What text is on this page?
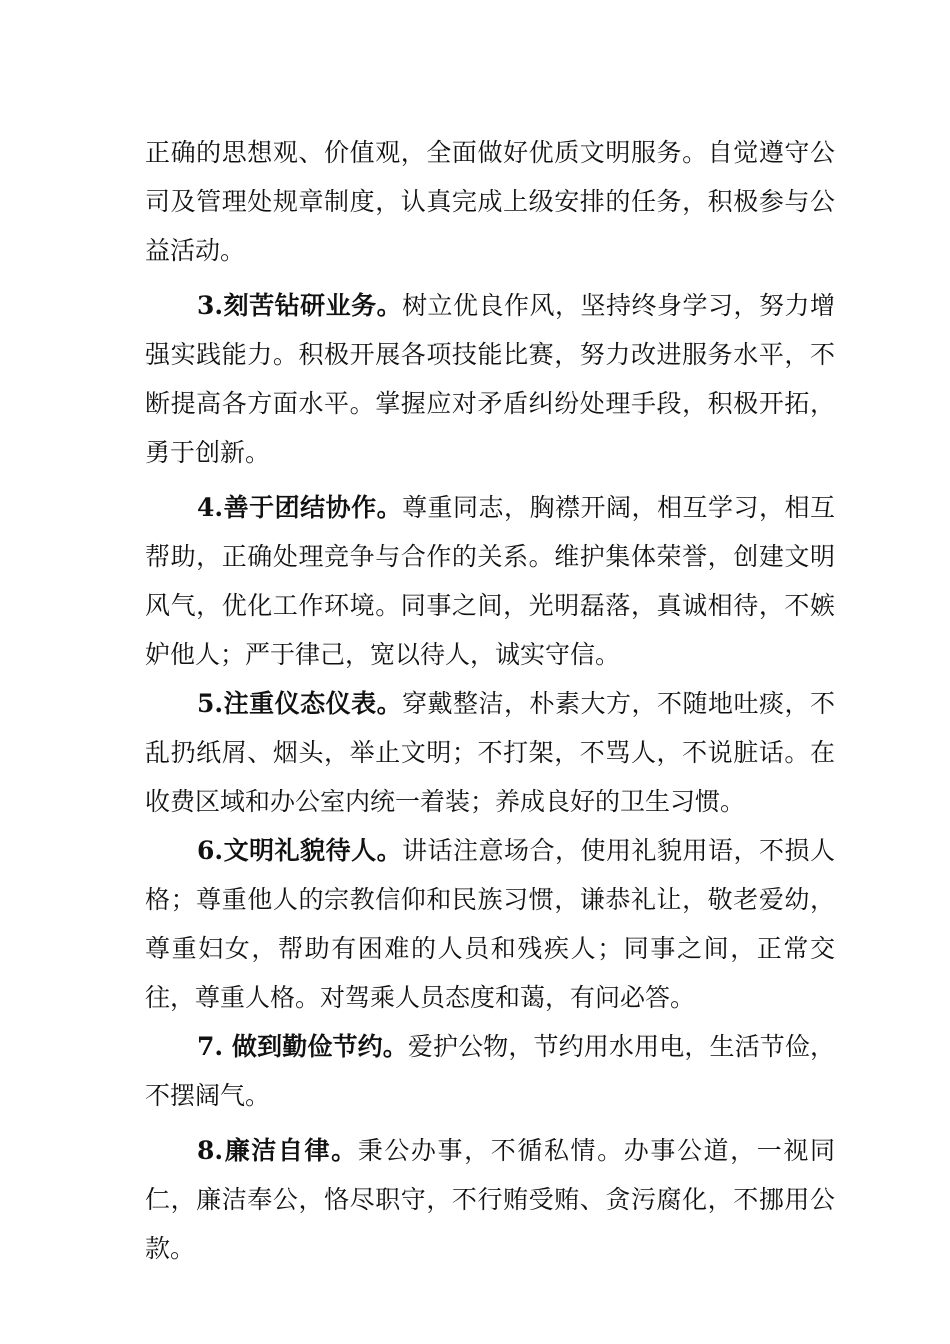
正确的思想观、价值观，全面做好优质文明服务。自觉遵守公司及管理处规章制度，认真完成上级安排的任务，积极参与公益活动。

3.刻苦钻研业务。树立优良作风，坚持终身学习，努力增强实践能力。积极开展各项技能比赛，努力改进服务水平，不断提高各方面水平。掌握应对矛盾纠纷处理手段，积极开拓，勇于创新。

4.善于团结协作。尊重同志，胸襟开阔，相互学习，相互帮助，正确处理竞争与合作的关系。维护集体荣誉，创建文明风气，优化工作环境。同事之间，光明磊落，真诚相待，不嫉妒他人；严于律己，宽以待人，诚实守信。

5.注重仪态仪表。穿戴整洁，朴素大方，不随地吐痰，不乱扔纸屑、烟头，举止文明；不打架，不骂人，不说脏话。在收费区域和办公室内统一着装；养成良好的卫生习惯。

6.文明礼貌待人。讲话注意场合，使用礼貌用语，不损人格；尊重他人的宗教信仰和民族习惯，谦恭礼让，敬老爱幼，尊重妇女，帮助有困难的人员和残疾人；同事之间，正常交往，尊重人格。对驾乘人员态度和蔼，有问必答。

7. 做到勤俭节约。爱护公物，节约用水用电，生活节俭，不摆阔气。

8.廉洁自律。秉公办事，不循私情。办事公道，一视同仁，廉洁奉公，恪尽职守，不行贿受贿、贪污腐化，不挪用公款。
